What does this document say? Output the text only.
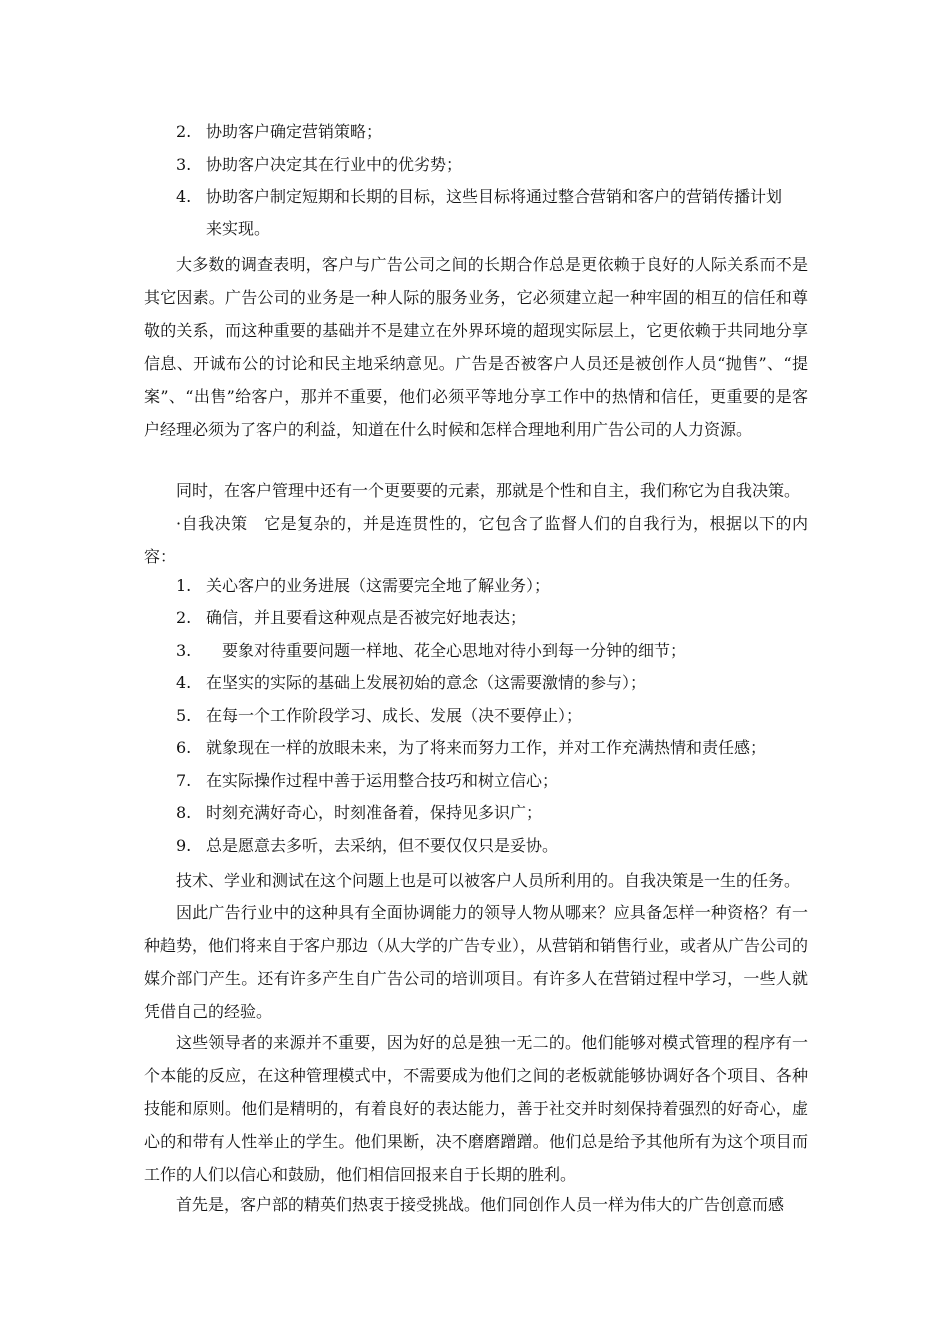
2. 协助客户确定营销策略；
3. 协助客户决定其在行业中的优劣势；
4. 协助客户制定短期和长期的目标，这些目标将通过整合营销和客户的营销传播计划
来实现。
大多数的调查表明，客户与广告公司之间的长期合作总是更依赖于良好的人际关系而不是其它因素。广告公司的业务是一种人际的服务业务，它必须建立起一种牢固的相互的信任和尊敬的关系，而这种重要的基础并不是建立在外界环境的超现实际层上，它更依赖于共同地分享信息、开诚布公的讨论和民主地采纳意见。广告是否被客户人员还是被创作人员“抛售”、“提案”、“出售”给客户，那并不重要，他们必须平等地分享工作中的热情和信任，更重要的是客户经理必须为了客户的利益，知道在什么时候和怎样合理地利用广告公司的人力资源。
同时，在客户管理中还有一个更要要的元素，那就是个性和自主，我们称它为自我决策。
·自我决策　它是复杂的，并是连贯性的，它包含了监督人们的自我行为，根据以下的内容：
1. 关心客户的业务进展（这需要完全地了解业务）；
2. 确信，并且要看这种观点是否被完好地表达；
3.　要象对待重要问题一样地、花全心思地对待小到每一分钟的细节；
4. 在坚实的实际的基础上发展初始的意念（这需要激情的参与）；
5. 在每一个工作阶段学习、成长、发展（决不要停止）；
6. 就象现在一样的放眼未来，为了将来而努力工作，并对工作充满热情和责任感；
7. 在实际操作过程中善于运用整合技巧和树立信心；
8. 时刻充满好奇心，时刻准备着，保持见多识广；
9. 总是愿意去多听，去采纳，但不要仅仅只是妥协。
技术、学业和测试在这个问题上也是可以被客户人员所利用的。自我决策是一生的任务。
因此广告行业中的这种具有全面协调能力的领导人物从哪来？应具备怎样一种资格？有一种趋势，他们将来自于客户那边（从大学的广告专业），从营销和销售行业，或者从广告公司的媒介部门产生。还有许多产生自广告公司的培训项目。有许多人在营销过程中学习，一些人就凭借自己的经验。
这些领导者的来源并不重要，因为好的总是独一无二的。他们能够对模式管理的程序有一个本能的反应，在这种管理模式中，不需要成为他们之间的老板就能够协调好各个项目、各种技能和原则。他们是精明的，有着良好的表达能力，善于社交并时刻保持着强烈的好奇心，虚心的和带有人性举止的学生。他们果断，决不磨磨蹭蹭。他们总是给予其他所有为这个项目而工作的人们以信心和鼓励，他们相信回报来自于长期的胜利。
首先是，客户部的精英们热衷于接受挑战。他们同创作人员一样为伟大的广告创意而感
